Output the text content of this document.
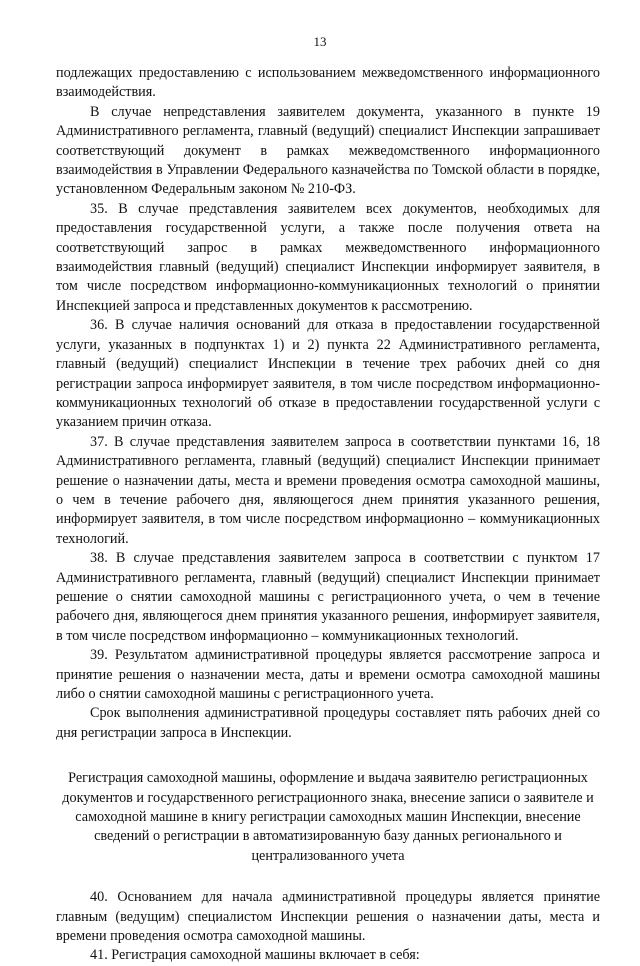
13

подлежащих предоставлению с использованием межведомственного информационного взаимодействия.

В случае непредставления заявителем документа, указанного в пункте 19 Административного регламента, главный (ведущий) специалист Инспекции запрашивает соответствующий документ в рамках межведомственного информационного взаимодействия в Управлении Федерального казначейства по Томской области в порядке, установленном Федеральным законом № 210-ФЗ.

35. В случае представления заявителем всех документов, необходимых для предоставления государственной услуги, а также после получения ответа на соответствующий запрос в рамках межведомственного информационного взаимодействия главный (ведущий) специалист Инспекции информирует заявителя, в том числе посредством информационно-коммуникационных технологий о принятии Инспекцией запроса и представленных документов к рассмотрению.

36. В случае наличия оснований для отказа в предоставлении государственной услуги, указанных в подпунктах 1) и 2) пункта 22 Административного регламента, главный (ведущий) специалист Инспекции в течение трех рабочих дней со дня регистрации запроса информирует заявителя, в том числе посредством информационно-коммуникационных технологий об отказе в предоставлении государственной услуги с указанием причин отказа.

37. В случае представления заявителем запроса в соответствии пунктами 16, 18 Административного регламента, главный (ведущий) специалист Инспекции принимает решение о назначении даты, места и времени проведения осмотра самоходной машины, о чем в течение рабочего дня, являющегося днем принятия указанного решения, информирует заявителя, в том числе посредством информационно – коммуникационных технологий.

38. В случае представления заявителем запроса в соответствии с пунктом 17 Административного регламента, главный (ведущий) специалист Инспекции принимает решение о снятии самоходной машины с регистрационного учета, о чем в течение рабочего дня, являющегося днем принятия указанного решения, информирует заявителя, в том числе посредством информационно – коммуникационных технологий.

39. Результатом административной процедуры является рассмотрение запроса и принятие решения о назначении места, даты и времени осмотра самоходной машины либо о снятии самоходной машины с регистрационного учета.

Срок выполнения административной процедуры составляет пять рабочих дней со дня регистрации запроса в Инспекции.

Регистрация самоходной машины, оформление и выдача заявителю регистрационных документов и государственного регистрационного знака, внесение записи о заявителе и самоходной машине в книгу регистрации самоходных машин Инспекции, внесение сведений о регистрации в автоматизированную базу данных регионального и централизованного учета

40. Основанием для начала административной процедуры является принятие главным (ведущим) специалистом Инспекции решения о назначении даты, места и времени проведения осмотра самоходной машины.

41. Регистрация самоходной машины включает в себя:
